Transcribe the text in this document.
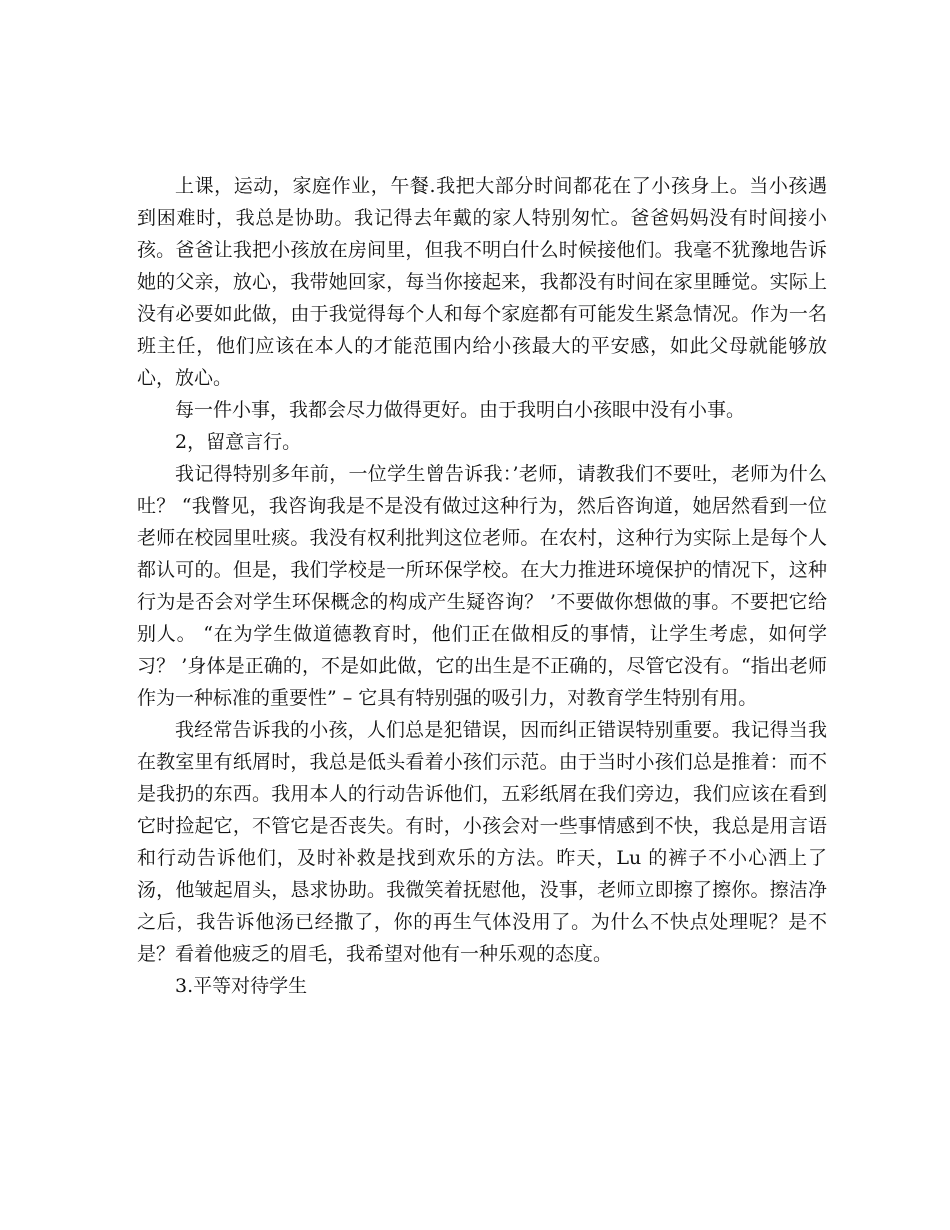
上课，运动，家庭作业，午餐.我把大部分时间都花在了小孩身上。当小孩遇到困难时，我总是协助。我记得去年戴的家人特别匆忙。爸爸妈妈没有时间接小孩。爸爸让我把小孩放在房间里，但我不明白什么时候接他们。我毫不犹豫地告诉她的父亲，放心，我带她回家，每当你接起来，我都没有时间在家里睡觉。实际上没有必要如此做，由于我觉得每个人和每个家庭都有可能发生紧急情况。作为一名班主任，他们应该在本人的才能范围内给小孩最大的平安感，如此父母就能够放心，放心。

每一件小事，我都会尽力做得更好。由于我明白小孩眼中没有小事。

2，留意言行。

我记得特别多年前，一位学生曾告诉我：’老师，请教我们不要吐，老师为什么吐？ “我瞥见，我咨询我是不是没有做过这种行为，然后咨询道，她居然看到一位老师在校园里吐痰。我没有权利批判这位老师。在农村，这种行为实际上是每个人都认可的。但是，我们学校是一所环保学校。在大力推进环境保护的情况下，这种行为是否会对学生环保概念的构成产生疑咨询？ ’不要做你想做的事。不要把它给别人。 “在为学生做道德教育时，他们正在做相反的事情，让学生考虑，如何学习？ ’身体是正确的，不是如此做，它的出生是不正确的，尽管它没有。“指出老师作为一种标准的重要性” – 它具有特别强的吸引力，对教育学生特别有用。

我经常告诉我的小孩，人们总是犯错误，因而纠正错误特别重要。我记得当我在教室里有纸屑时，我总是低头看着小孩们示范。由于当时小孩们总是推着：而不是我扔的东西。我用本人的行动告诉他们，五彩纸屑在我们旁边，我们应该在看到它时捡起它，不管它是否丧失。有时，小孩会对一些事情感到不快，我总是用言语和行动告诉他们，及时补救是找到欢乐的方法。昨天，Lu 的裤子不小心洒上了汤，他皱起眉头，恳求协助。我微笑着抚慰他，没事，老师立即擦了擦你。擦洁净之后，我告诉他汤已经撒了，你的再生气体没用了。为什么不快点处理呢？是不是？看着他疲乏的眉毛，我希望对他有一种乐观的态度。

3.平等对待学生
